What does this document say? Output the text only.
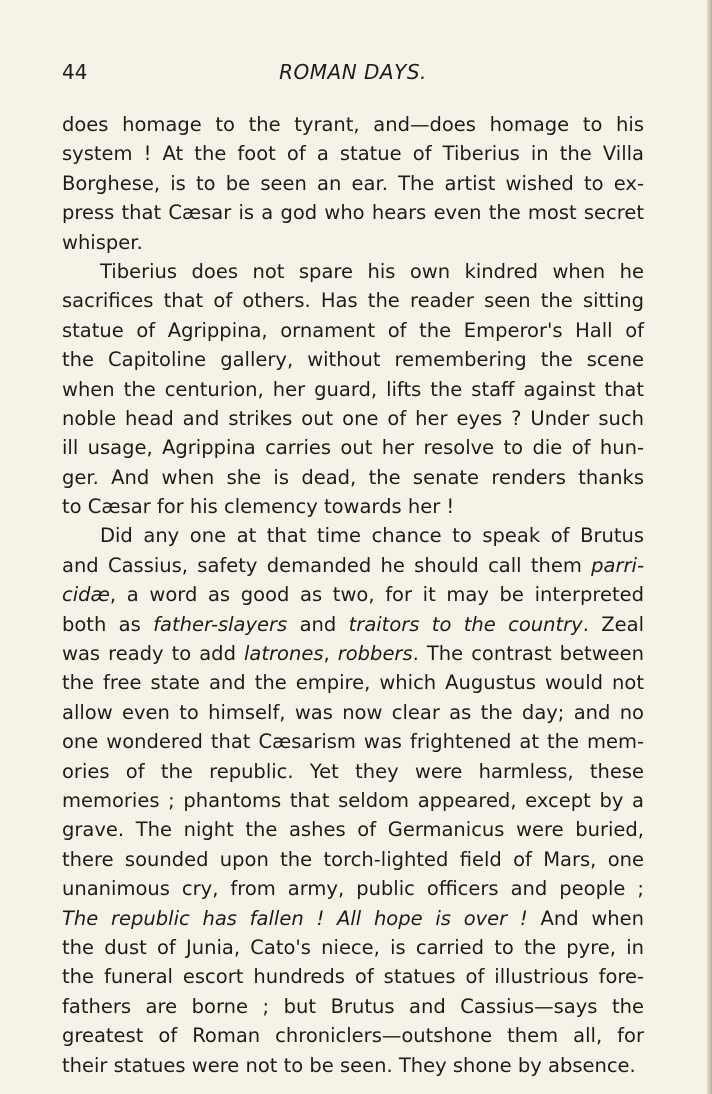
44	ROMAN DAYS.
does homage to the tyrant, and—does homage to his
system ! At the foot of a statue of Tiberius in the Villa
Borghese, is to be seen an ear. The artist wished to ex-
press that Cæsar is a god who hears even the most secret
whisper.
Tiberius does not spare his own kindred when he
sacrifices that of others. Has the reader seen the sitting
statue of Agrippina, ornament of the Emperor's Hall of
the Capitoline gallery, without remembering the scene
when the centurion, her guard, lifts the staff against that
noble head and strikes out one of her eyes ? Under such
ill usage, Agrippina carries out her resolve to die of hun-
ger. And when she is dead, the senate renders thanks
to Cæsar for his clemency towards her !
Did any one at that time chance to speak of Brutus
and Cassius, safety demanded he should call them parri-
cidæ, a word as good as two, for it may be interpreted
both as father-slayers and traitors to the country. Zeal
was ready to add latrones, robbers. The contrast between
the free state and the empire, which Augustus would not
allow even to himself, was now clear as the day; and no
one wondered that Cæsarism was frightened at the mem-
ories of the republic. Yet they were harmless, these
memories ; phantoms that seldom appeared, except by a
grave. The night the ashes of Germanicus were buried,
there sounded upon the torch-lighted field of Mars, one
unanimous cry, from army, public officers and people ;
The republic has fallen ! All hope is over ! And when
the dust of Junia, Cato's niece, is carried to the pyre, in
the funeral escort hundreds of statues of illustrious fore-
fathers are borne ; but Brutus and Cassius—says the
greatest of Roman chroniclers—outshone them all, for
their statues were not to be seen. They shone by absence.
